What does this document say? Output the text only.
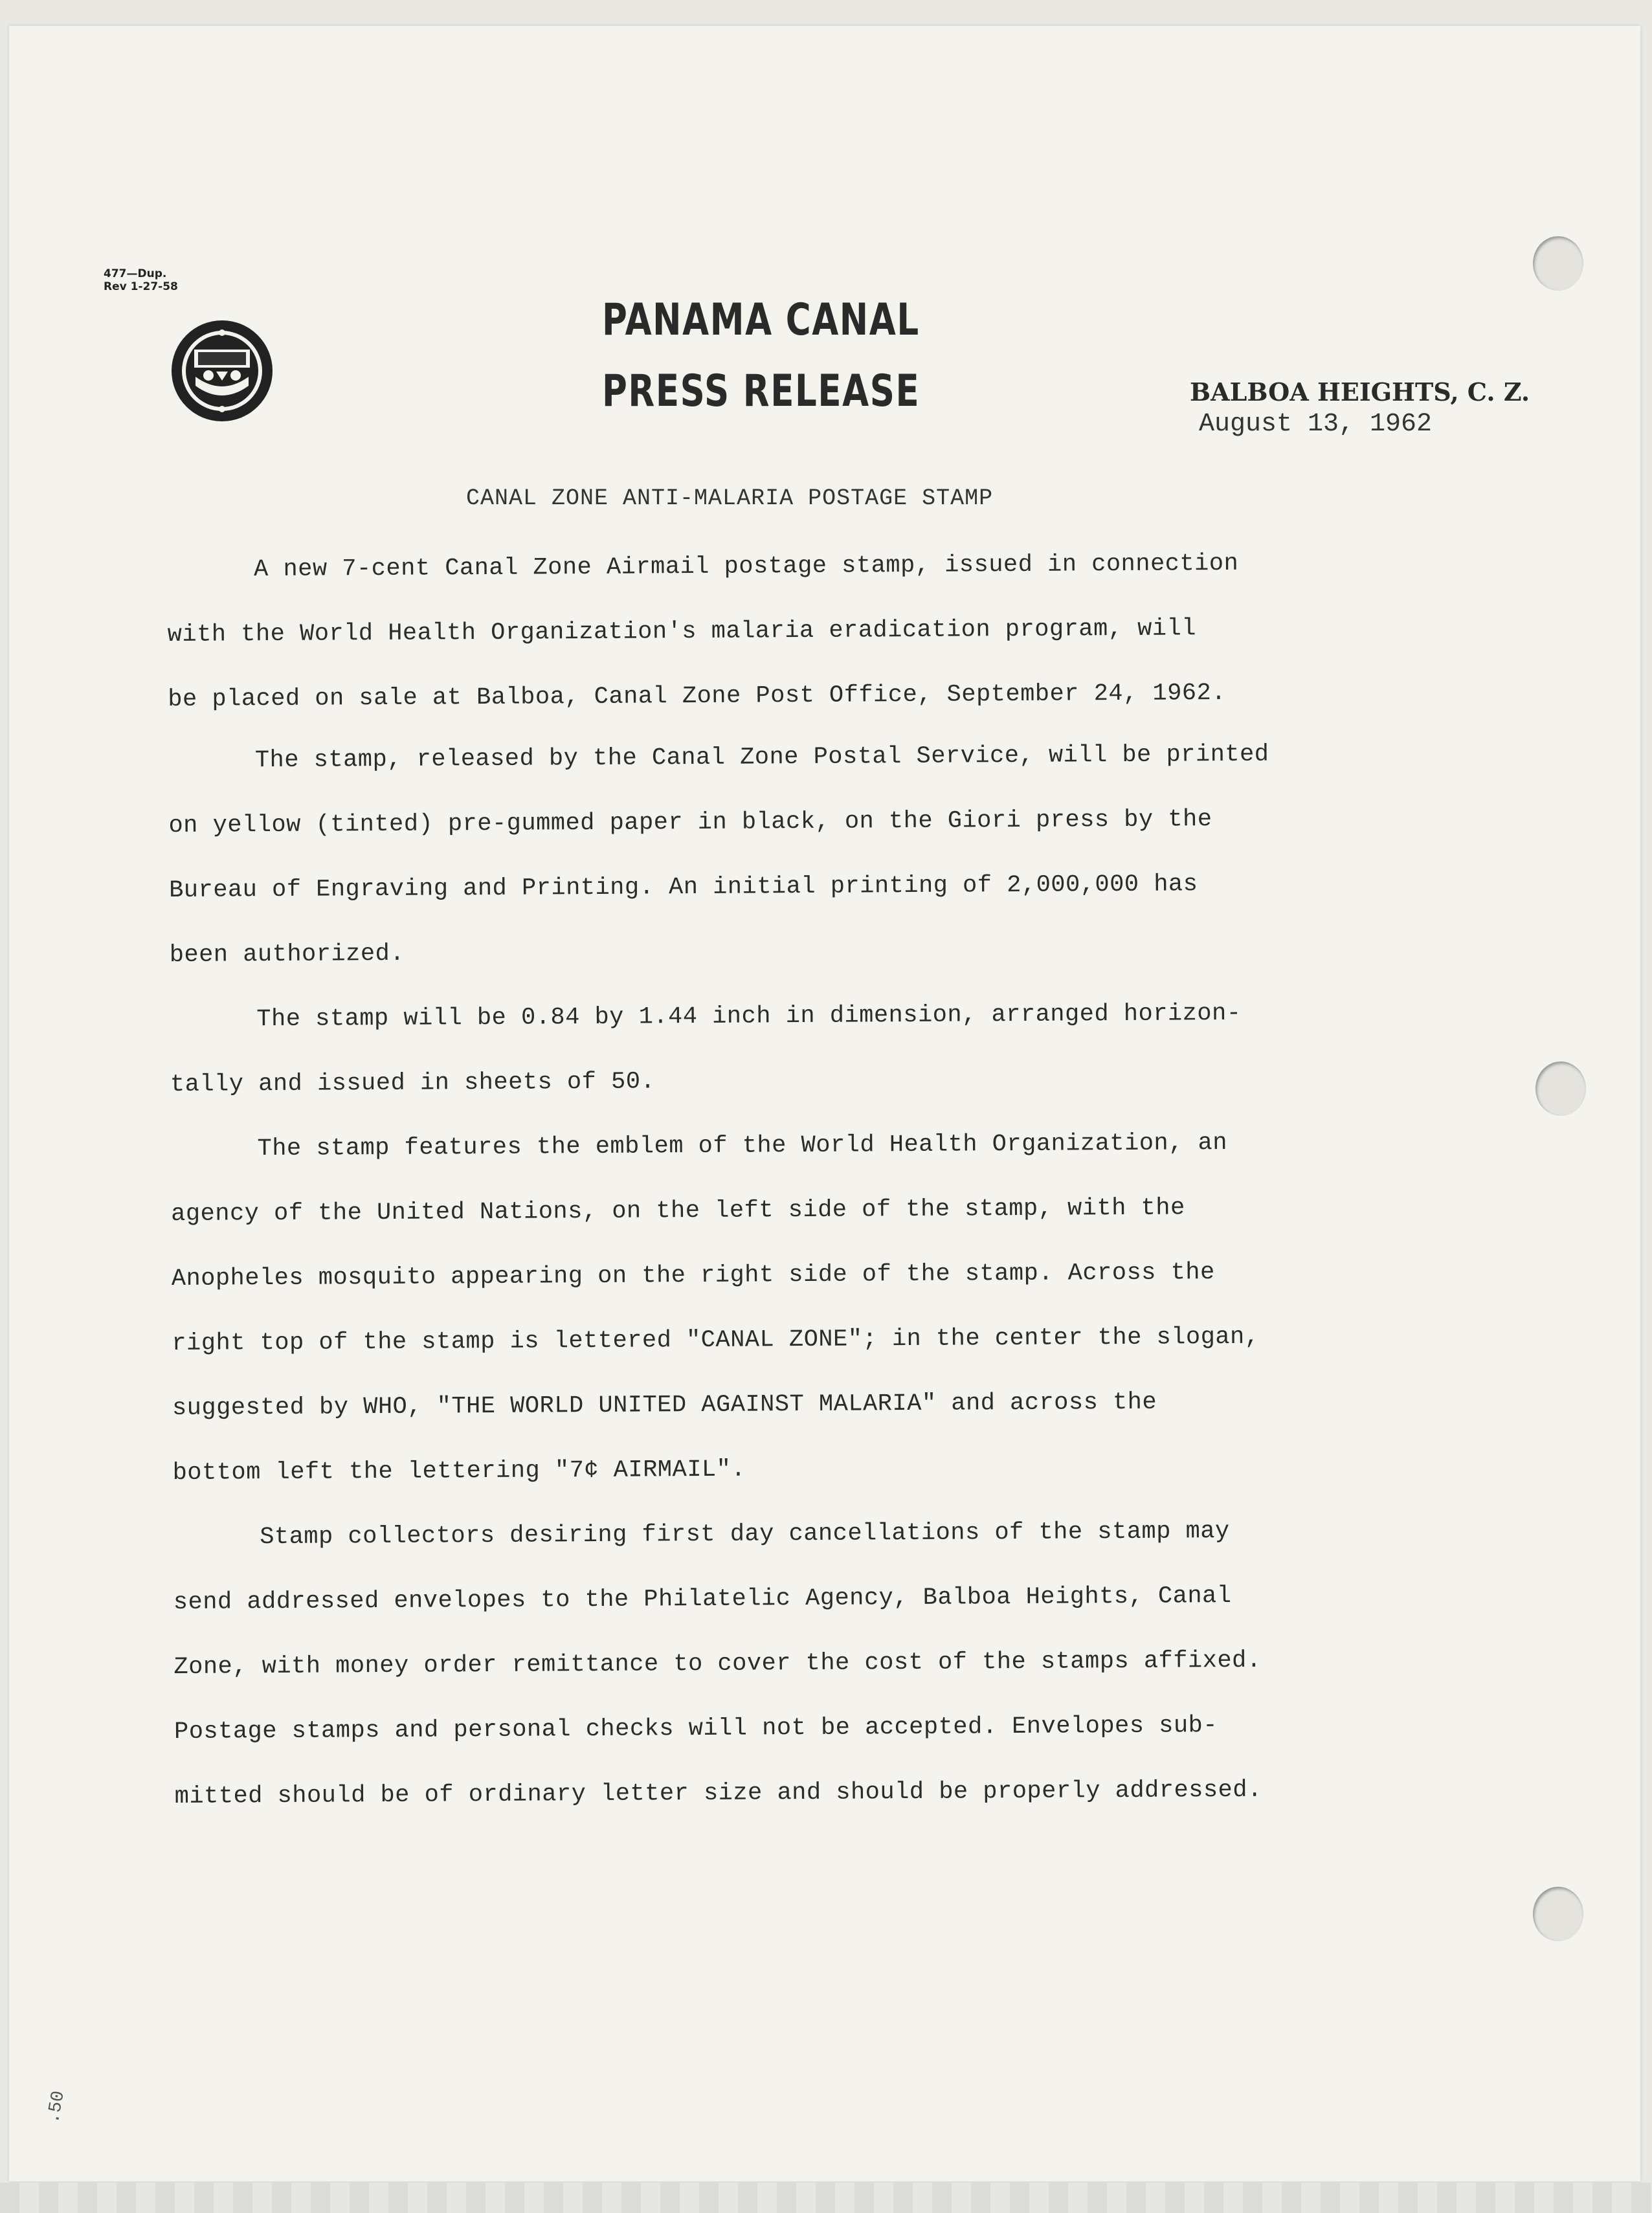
477—Dup.
Rev 1-27-58
PANAMA CANAL
PRESS RELEASE	BALBOA HEIGHTS, C. Z.
August 13, 1962
CANAL ZONE ANTI-MALARIA POSTAGE STAMP
A new 7-cent Canal Zone Airmail postage stamp, issued in connection
with the World Health Organization's malaria eradication program, will
be placed on sale at Balboa, Canal Zone Post Office, September 24, 1962.
The stamp, released by the Canal Zone Postal Service, will be printed
on yellow (tinted) pre-gummed paper in black, on the Giori press by the
Bureau of Engraving and Printing. An initial printing of 2,000,000 has
been authorized.
The stamp will be 0.84 by 1.44 inch in dimension, arranged horizon-
tally and issued in sheets of 50.
The stamp features the emblem of the World Health Organization, an
agency of the United Nations, on the left side of the stamp, with the
Anopheles mosquito appearing on the right side of the stamp. Across the
right top of the stamp is lettered "CANAL ZONE"; in the center the slogan,
suggested by WHO, "THE WORLD UNITED AGAINST MALARIA" and across the
bottom left the lettering "7¢ AIRMAIL".
Stamp collectors desiring first day cancellations of the stamp may
send addressed envelopes to the Philatelic Agency, Balboa Heights, Canal
Zone, with money order remittance to cover the cost of the stamps affixed.
Postage stamps and personal checks will not be accepted. Envelopes sub-
mitted should be of ordinary letter size and should be properly addressed.
.50
